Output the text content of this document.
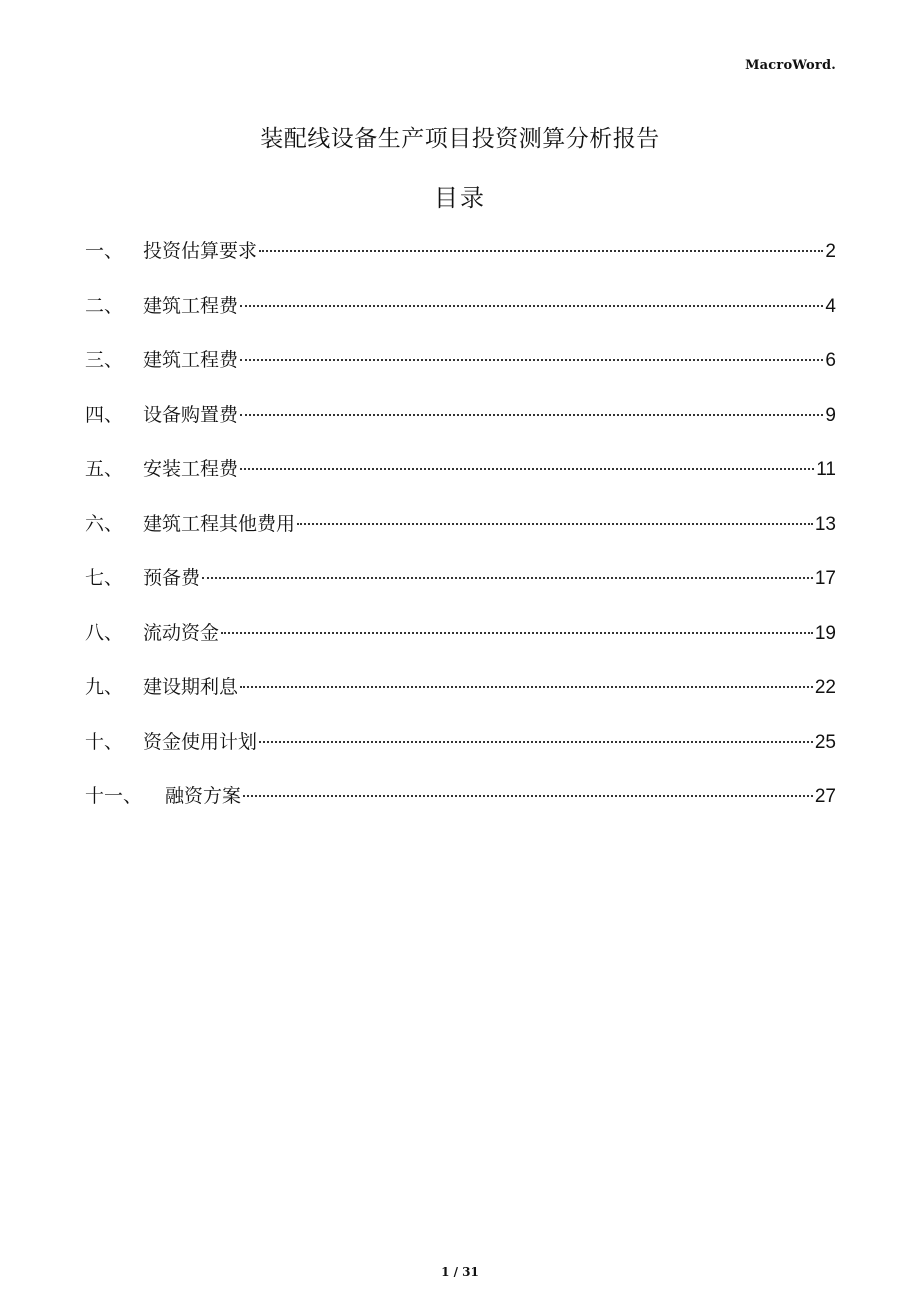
MacroWord.
装配线设备生产项目投资测算分析报告
目录
一、	投资估算要求	2
二、	建筑工程费	4
三、	建筑工程费	6
四、	设备购置费	9
五、	安装工程费	11
六、	建筑工程其他费用	13
七、	预备费	17
八、	流动资金	19
九、	建设期利息	22
十、	资金使用计划	25
十一、	融资方案	27
1 / 31
